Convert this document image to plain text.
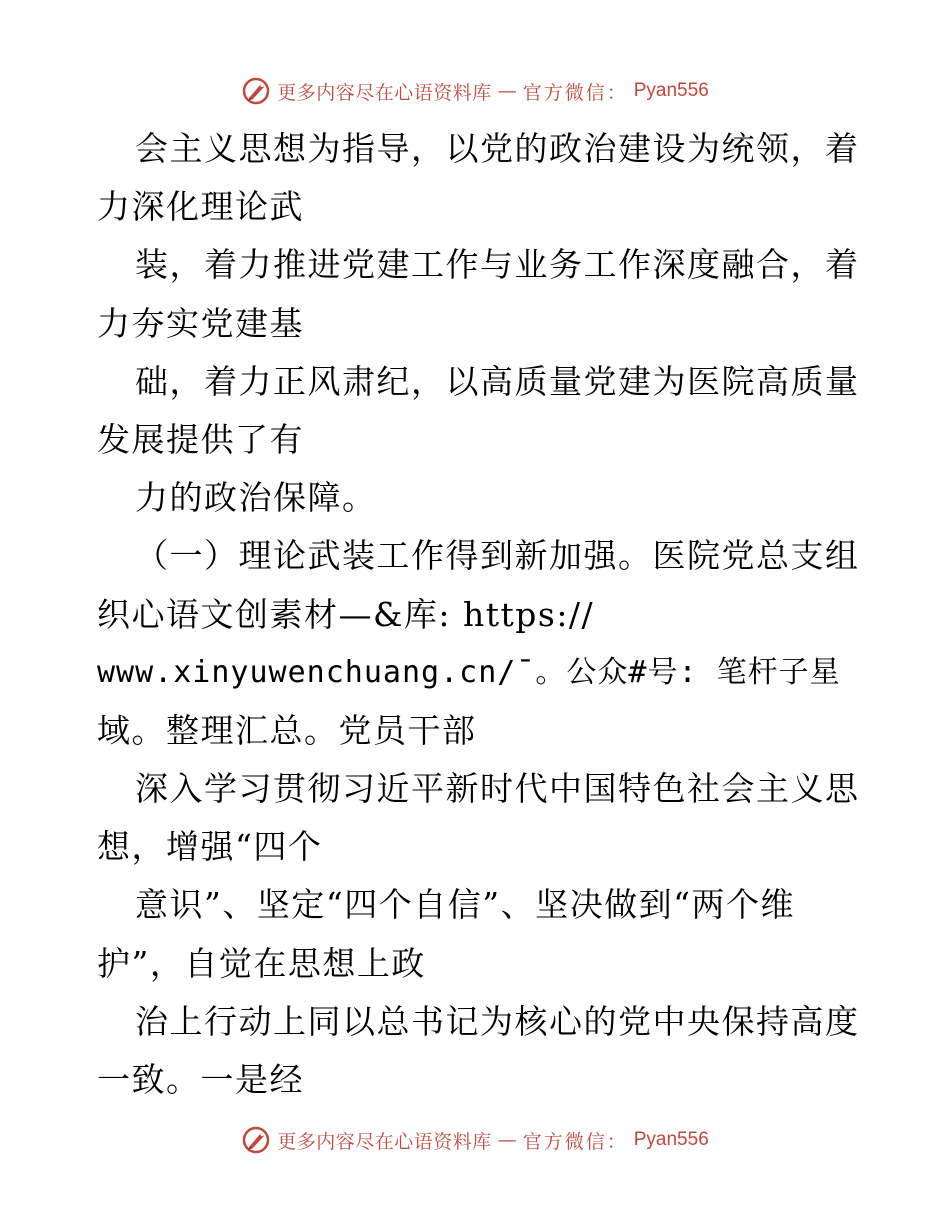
更多内容尽在心语资料库 — 官方微信： Pyan556
会主义思想为指导，以党的政治建设为统领，着
力深化理论武
装，着力推进党建工作与业务工作深度融合，着
力夯实党建基
础，着力正风肃纪，以高质量党建为医院高质量
发展提供了有
力的政治保障。
（一）理论武装工作得到新加强。医院党总支组
织心语文创素材—&库: https://
www.xinyuwenchuang.cn/¯。公众#号: 笔杆子星
域。整理汇总。党员干部
深入学习贯彻习近平新时代中国特色社会主义思
想，增强“四个
意识”、坚定“四个自信”、坚决做到“两个维
护”，自觉在思想上政
治上行动上同以总书记为核心的党中央保持高度
一致。一是经
更多内容尽在心语资料库 — 官方微信： Pyan556
